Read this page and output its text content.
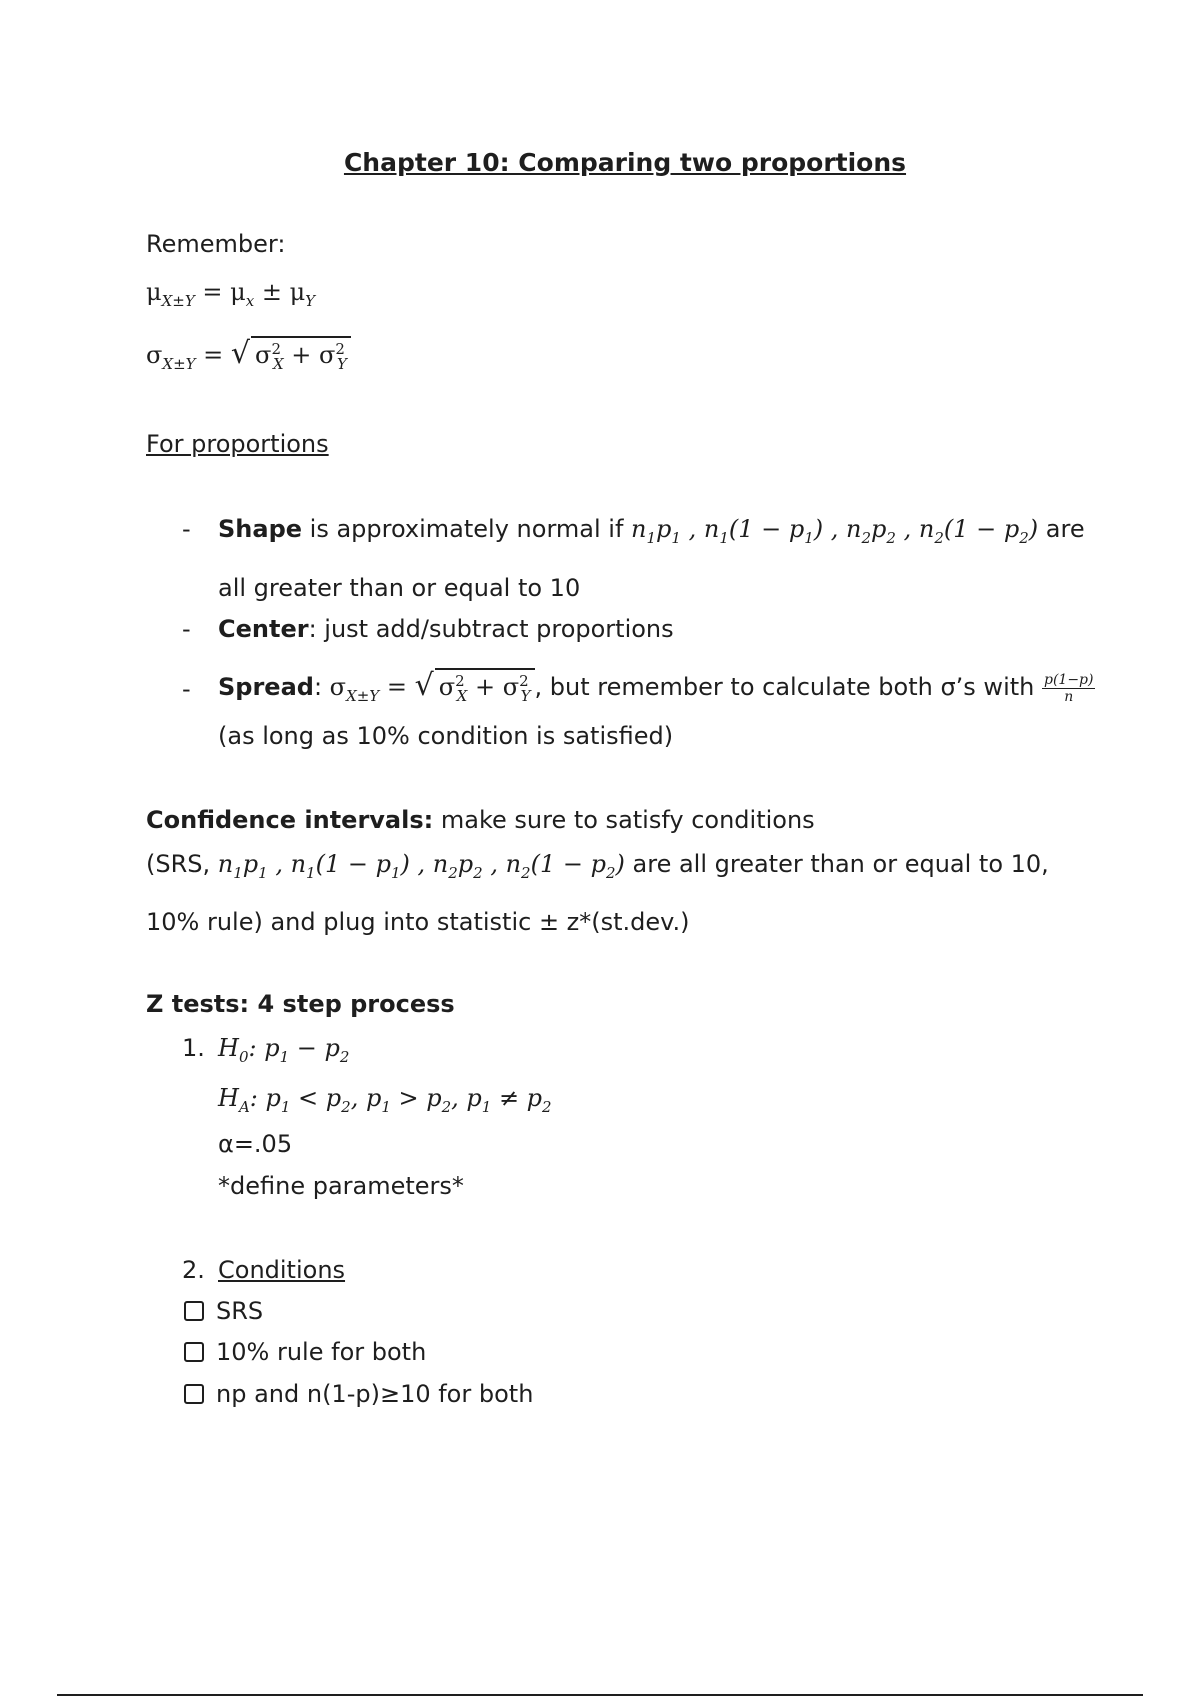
Chapter 10: Comparing two proportions
Remember:
$\mu_{X\pm Y} = \mu_x \pm \mu_Y$
$\sigma_{X\pm Y}$ = √ $\sigma^2_X + \sigma^2_Y$
For proportions
- Shape is approximately normal if $n_1p_1$ , $n_1(1 - p_1)$ , $n_2p_2$ , $n_2(1 - p_2)$ are
all greater than or equal to 10
- Center: just add/subtract proportions
- Spread: $\sigma_{X\pm Y}$ = √ $\sigma^2_X + \sigma^2_Y$ , but remember to calculate both σ’s with $\frac{p(1-p)}{n}$
(as long as 10% condition is satisfied)
Confidence intervals: make sure to satisfy conditions
(SRS, $n_1p_1$ , $n_1(1 - p_1)$ , $n_2p_2$ , $n_2(1 - p_2)$ are all greater than or equal to 10,
10% rule) and plug into statistic ± z*(st.dev.)
Z tests: 4 step process
1. $H_0$: $p_1 - p_2$
$H_A$: $p_1 < p_2$, $p_1 > p_2$, $p_1 \ne p_2$
α=.05
*define parameters*
2. Conditions
SRS
10% rule for both
np and n(1-p)≥10 for both
